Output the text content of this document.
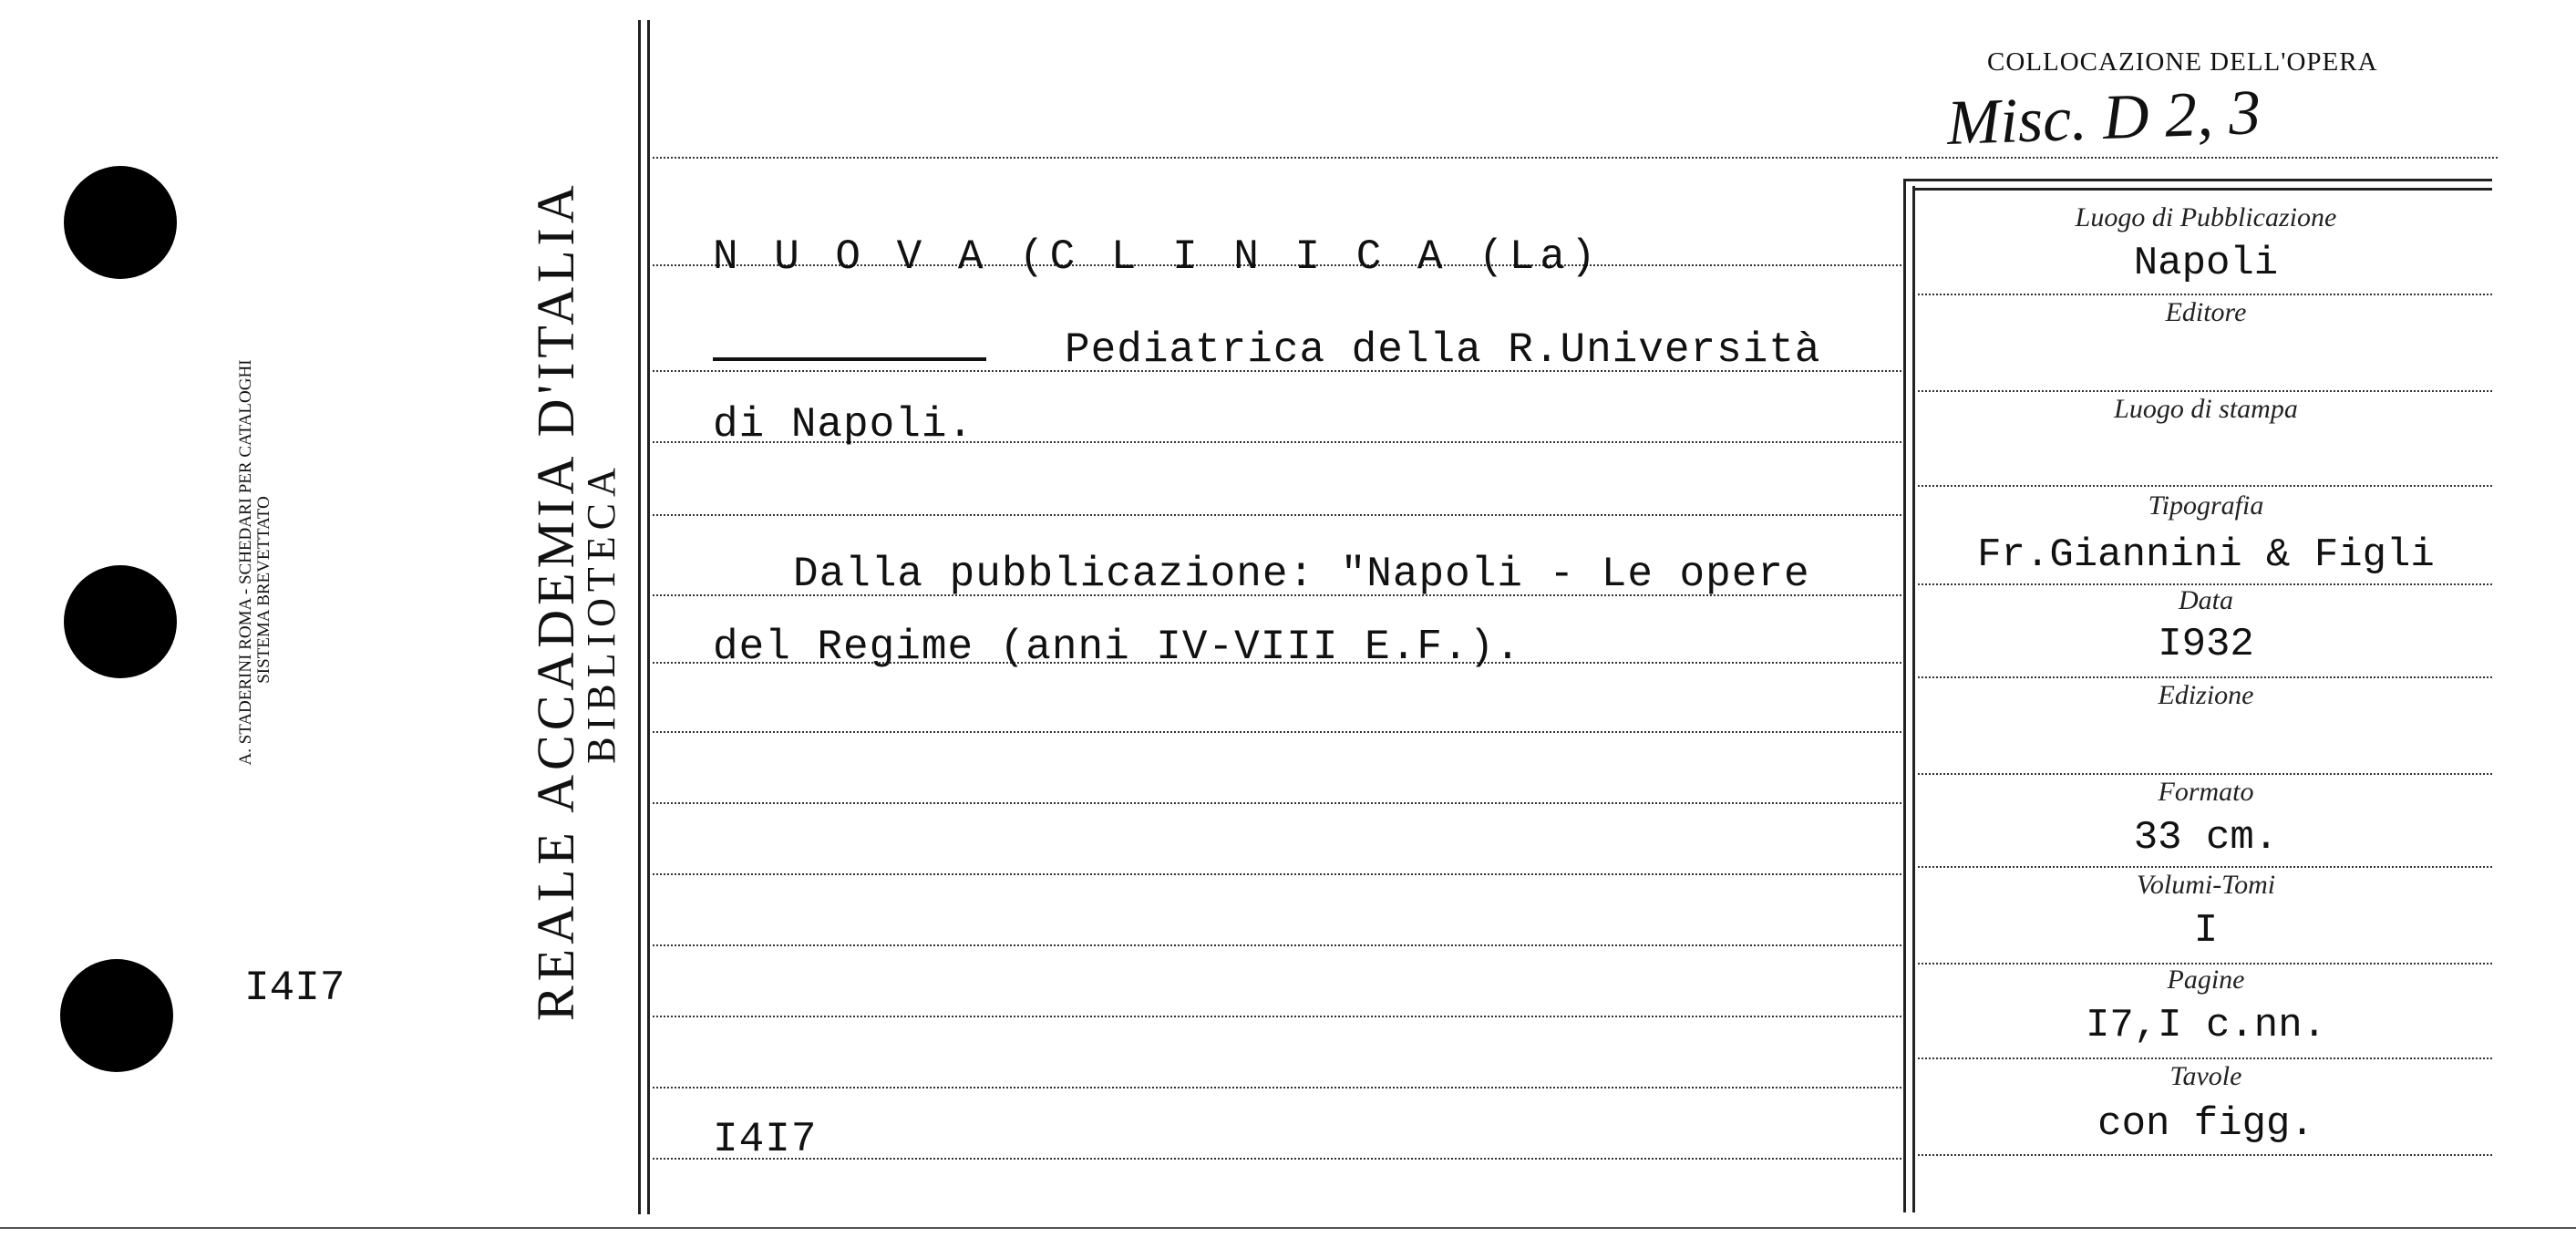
A. STADERINI ROMA - SCHEDARI PER CATALOGHI SISTEMA BREVETTATO
I4I7	REALE ACCADEMIA D'ITALIA
BIBLIOTECA
N U O V A (C L I N I C A (La)
Pediatrica della R.Università
di Napoli.
Dalla pubblicazione: "Napoli - Le opere
del Regime (anni IV-VIII E.F.).
I4I7
COLLOCAZIONE DELL'OPERA
Misc. D 2, 3
Luogo di Pubblicazione
Napoli
Editore
Luogo di stampa
Tipografia
Fr.Giannini & Figli
Data
I932
Edizione
Formato
33 cm.
Volumi-Tomi
I
Pagine
I7,I c.nn.
Tavole
con figg.
